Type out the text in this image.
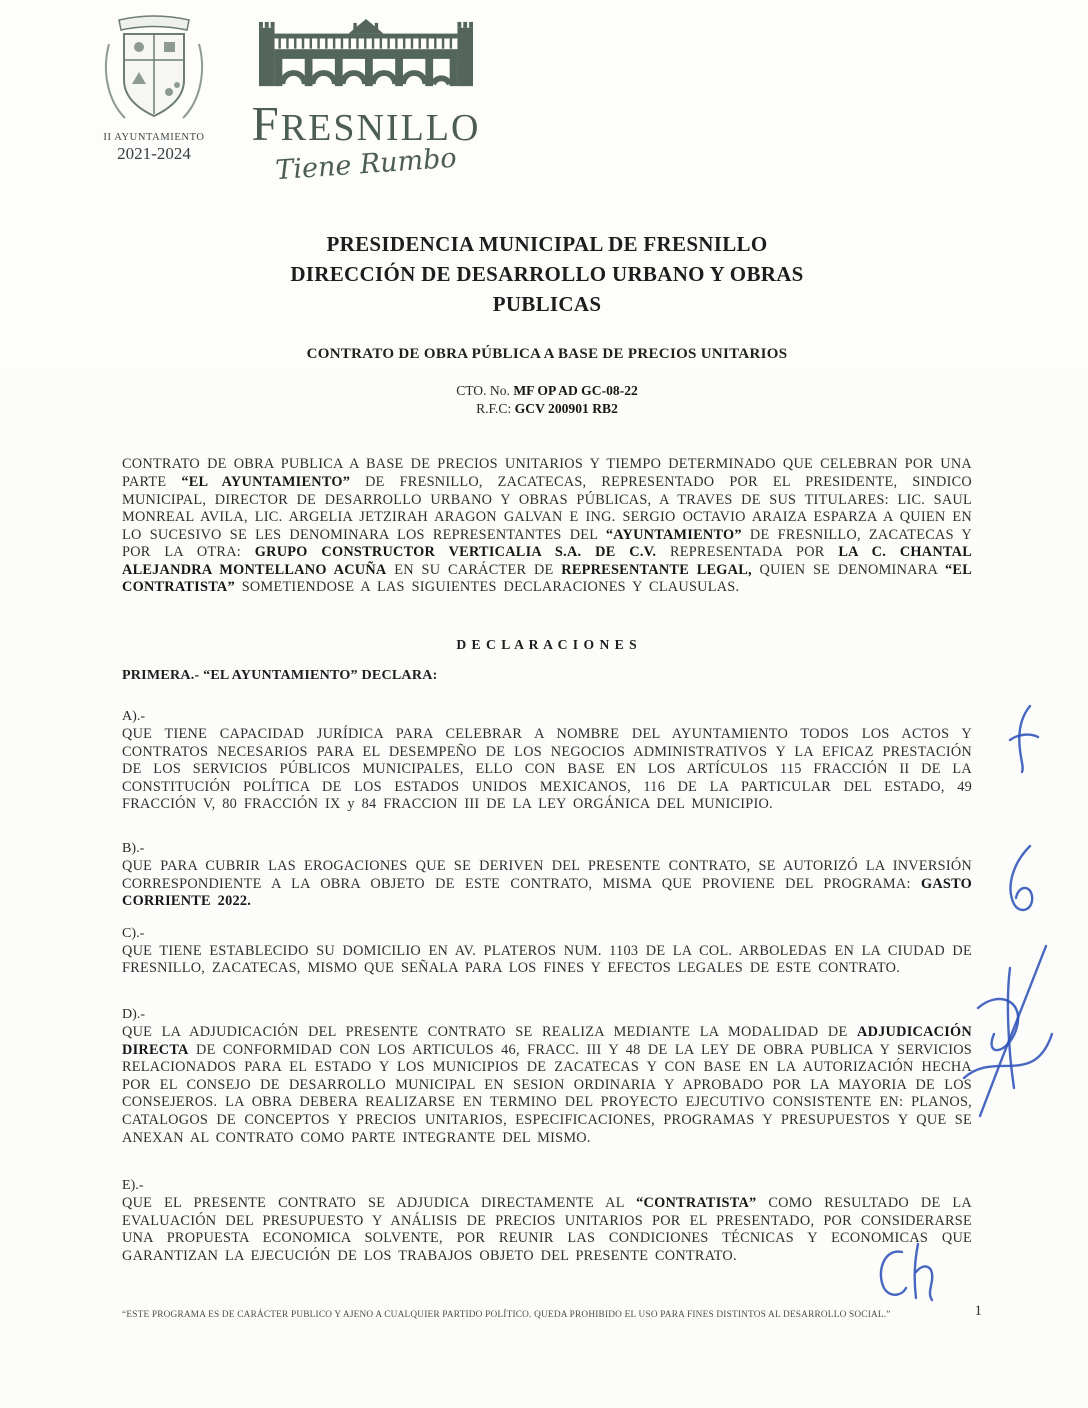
II AYUNTAMIENTO
2021-2024
FRESNILLO
Tiene Rumbo
PRESIDENCIA MUNICIPAL DE FRESNILLO
DIRECCIÓN DE DESARROLLO URBANO Y OBRAS
PUBLICAS
CONTRATO DE OBRA PÚBLICA A BASE DE PRECIOS UNITARIOS
CTO. No. MF OP AD GC-08-22
R.F.C: GCV 200901 RB2

CONTRATO DE OBRA PUBLICA A BASE DE PRECIOS UNITARIOS Y TIEMPO DETERMINADO QUE CELEBRAN POR UNA PARTE “EL AYUNTAMIENTO” DE FRESNILLO, ZACATECAS, REPRESENTADO POR EL PRESIDENTE, SINDICO MUNICIPAL, DIRECTOR DE DESARROLLO URBANO Y OBRAS PÚBLICAS, A TRAVES DE SUS TITULARES: LIC. SAUL MONREAL AVILA, LIC. ARGELIA JETZIRAH ARAGON GALVAN E ING. SERGIO OCTAVIO ARAIZA ESPARZA A QUIEN EN LO SUCESIVO SE LES DENOMINARA LOS REPRESENTANTES DEL “AYUNTAMIENTO” DE FRESNILLO, ZACATECAS Y POR LA OTRA: GRUPO CONSTRUCTOR VERTICALIA S.A. DE C.V. REPRESENTADA POR LA C. CHANTAL ALEJANDRA MONTELLANO ACUÑA EN SU CARÁCTER DE REPRESENTANTE LEGAL, QUIEN SE DENOMINARA “EL CONTRATISTA” SOMETIENDOSE A LAS SIGUIENTES DECLARACIONES Y CLAUSULAS.

D E C L A R A C I O N E S
PRIMERA.- “EL AYUNTAMIENTO” DECLARA:
A).-

QUE TIENE CAPACIDAD JURÍDICA PARA CELEBRAR A NOMBRE DEL AYUNTAMIENTO TODOS LOS ACTOS Y CONTRATOS NECESARIOS PARA EL DESEMPEÑO DE LOS NEGOCIOS ADMINISTRATIVOS Y LA EFICAZ PRESTACIÓN DE LOS SERVICIOS PÚBLICOS MUNICIPALES, ELLO CON BASE EN LOS ARTÍCULOS 115 FRACCIÓN II DE LA CONSTITUCIÓN POLÍTICA DE LOS ESTADOS UNIDOS MEXICANOS, 116 DE LA PARTICULAR DEL ESTADO, 49 FRACCIÓN V, 80 FRACCIÓN IX y 84 FRACCION III DE LA LEY ORGÁNICA DEL MUNICIPIO.

B).-

QUE PARA CUBRIR LAS EROGACIONES QUE SE DERIVEN DEL PRESENTE CONTRATO, SE AUTORIZÓ LA INVERSIÓN CORRESPONDIENTE A LA OBRA OBJETO DE ESTE CONTRATO, MISMA QUE PROVIENE DEL PROGRAMA: GASTO CORRIENTE 2022.

C).-

QUE TIENE ESTABLECIDO SU DOMICILIO EN AV. PLATEROS NUM. 1103 DE LA COL. ARBOLEDAS EN LA CIUDAD DE FRESNILLO, ZACATECAS, MISMO QUE SEÑALA PARA LOS FINES Y EFECTOS LEGALES DE ESTE CONTRATO.

D).-

QUE LA ADJUDICACIÓN DEL PRESENTE CONTRATO SE REALIZA MEDIANTE LA MODALIDAD DE ADJUDICACIÓN DIRECTA DE CONFORMIDAD CON LOS ARTICULOS 46, FRACC. III Y 48 DE LA LEY DE OBRA PUBLICA Y SERVICIOS RELACIONADOS PARA EL ESTADO Y LOS MUNICIPIOS DE ZACATECAS Y CON BASE EN LA AUTORIZACIÓN HECHA POR EL CONSEJO DE DESARROLLO MUNICIPAL EN SESION ORDINARIA Y APROBADO POR LA MAYORIA DE LOS CONSEJEROS. LA OBRA DEBERA REALIZARSE EN TERMINO DEL PROYECTO EJECUTIVO CONSISTENTE EN: PLANOS, CATALOGOS DE CONCEPTOS Y PRECIOS UNITARIOS, ESPECIFICACIONES, PROGRAMAS Y PRESUPUESTOS Y QUE SE ANEXAN AL CONTRATO COMO PARTE INTEGRANTE DEL MISMO.

E).-

QUE EL PRESENTE CONTRATO SE ADJUDICA DIRECTAMENTE AL “CONTRATISTA” COMO RESULTADO DE LA EVALUACIÓN DEL PRESUPUESTO Y ANÁLISIS DE PRECIOS UNITARIOS POR EL PRESENTADO, POR CONSIDERARSE UNA PROPUESTA ECONOMICA SOLVENTE, POR REUNIR LAS CONDICIONES TÉCNICAS Y ECONOMICAS QUE GARANTIZAN LA EJECUCIÓN DE LOS TRABAJOS OBJETO DEL PRESENTE CONTRATO.

“ESTE PROGRAMA ES DE CARÁCTER PUBLICO Y AJENO A CUALQUIER PARTIDO POLÍTICO. QUEDA PROHIBIDO EL USO PARA FINES DISTINTOS AL DESARROLLO SOCIAL.”	1
